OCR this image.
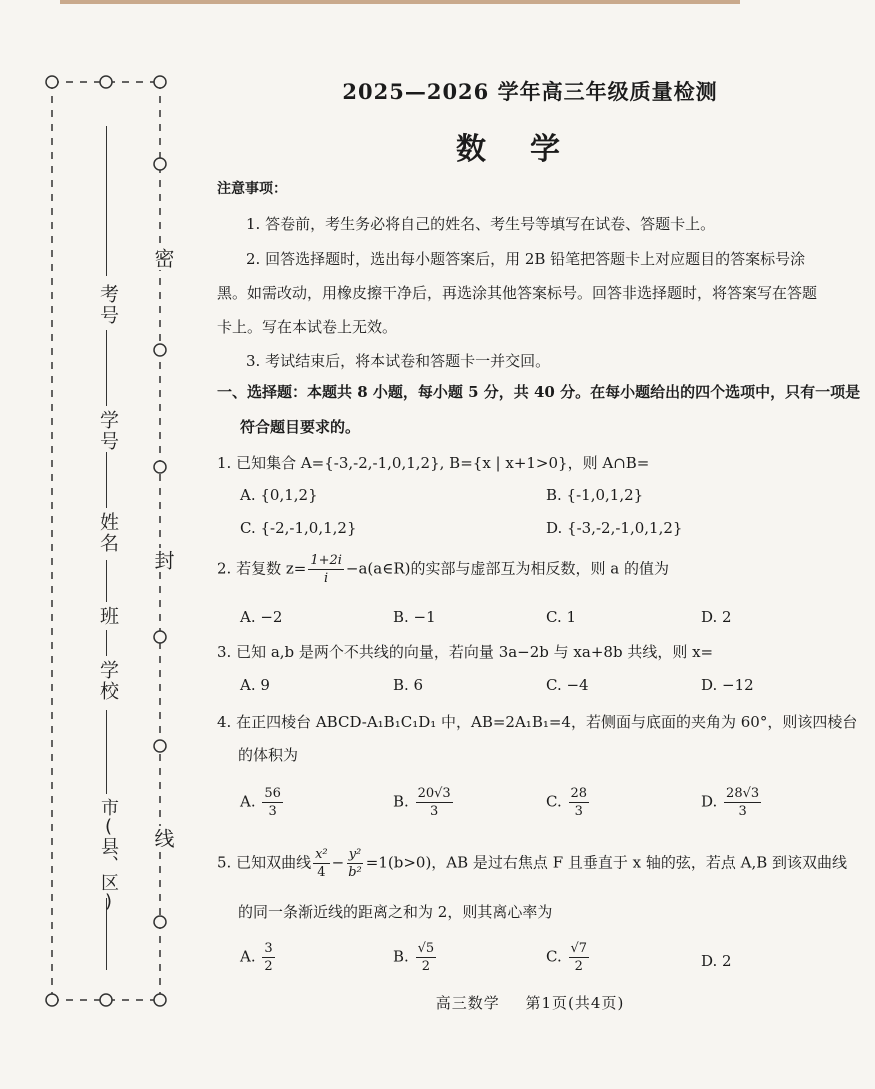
考号
学号
姓名
班
学校
市(县、区)
密
封
线
2025—2026 学年高三年级质量检测
数学
注意事项：
1. 答卷前，考生务必将自己的姓名、考生号等填写在试卷、答题卡上。
2. 回答选择题时，选出每小题答案后，用 2B 铅笔把答题卡上对应题目的答案标号涂
黑。如需改动，用橡皮擦干净后，再选涂其他答案标号。回答非选择题时，将答案写在答题
卡上。写在本试卷上无效。
3. 考试结束后，将本试卷和答题卡一并交回。
一、选择题：本题共 8 小题，每小题 5 分，共 40 分。在每小题给出的四个选项中，只有一项是
符合题目要求的。
1. 已知集合 A={-3,-2,-1,0,1,2}, B={x | x+1>0}，则 A∩B=
A. {0,1,2}	B. {-1,0,1,2}
C. {-2,-1,0,1,2}	D. {-3,-2,-1,0,1,2}
2. 若复数 $z= \frac{1+2i}{i}$ −a(a∈R)的实部与虚部互为相反数，则 a 的值为
A. −2	B. −1	C. 1	D. 2
3. 已知 a,b 是两个不共线的向量，若向量 3a−2b 与 xa+8b 共线，则 x=
A. 9	B. 6	C. −4	D. −12
4. 在正四棱台 ABCD-A₁B₁C₁D₁ 中，AB=2A₁B₁=4，若侧面与底面的夹角为 60°，则该四棱台
的体积为
A. $\frac{56}{3}$	B. $\frac{20√3}{3}$	C. $\frac{28}{3}$	D. $\frac{28√3}{3}$
5. 已知双曲线 $\frac{\text{x²}}{4} - \frac{\text{y²}}{\text{b²}} =1(b>0)$，AB 是过右焦点 F 且垂直于 x 轴的弦，若点 A,B 到该双曲线
的同一条渐近线的距离之和为 2，则其离心率为
A. $\frac{3}{2}$	B. $\frac{√5}{2}$	C. $\frac{√7}{2}$	D. 2
高三数学 第1页(共4页)
